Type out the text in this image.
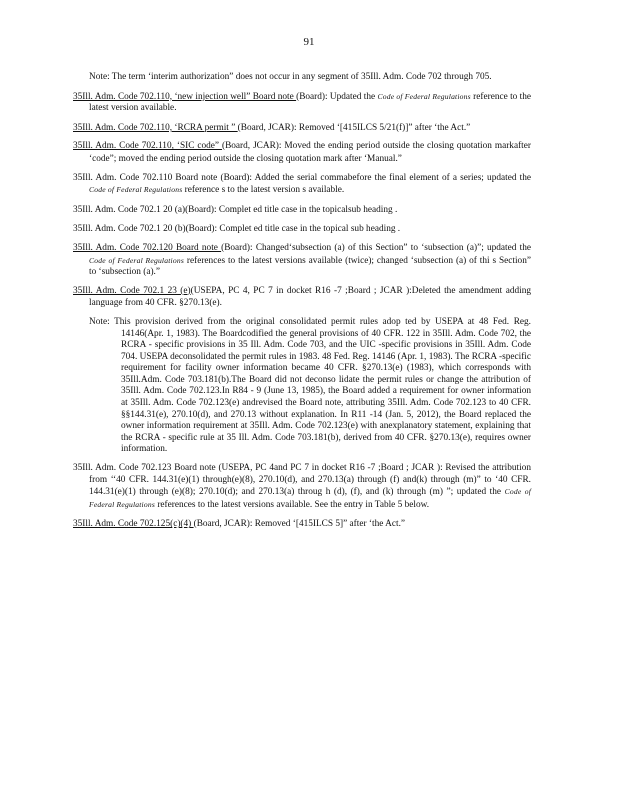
91

Note: The term ‘interim authorization” does not occur in any segment of 35Ill. Adm. Code 702 through 705.

35Ill. Adm. Code 702.110, ‘new injection well” Board note (Board): Updated the Code of Federal Regulations reference to the latest version available.

35Ill. Adm. Code 702.110, ‘RCRA permit ” (Board, JCAR): Removed ‘[415ILCS 5/21(f)]” after ‘the Act.”

35Ill. Adm. Code 702.110, ‘SIC code” (Board, JCAR): Moved the ending period outside the closing quotation markafter ‘code”; moved the ending period outside the closing quotation mark after ‘Manual.”

35Ill. Adm. Code 702.110 Board note (Board): Added the serial commabefore the final element of a series; updated the Code of Federal Regulations reference s to the latest version s available.

35Ill. Adm. Code 702.1 20 (a)(Board): Complet ed title case in the topicalsub heading .

35Ill. Adm. Code 702.1 20 (b)(Board): Complet ed title case in the topical sub heading .

35Ill. Adm. Code 702.120 Board note (Board): Changed‘subsection (a) of this Section” to ‘subsection (a)”; updated the Code of Federal Regulations references to the latest versions available (twice); changed ‘subsection (a) of thi s Section” to ‘subsection (a).”

35Ill. Adm. Code 702.1 23 (e)(USEPA, PC 4, PC 7 in docket R16 -7 ;Board ; JCAR ):Deleted the amendment adding language from 40 CFR. §270.13(e).

Note: This provision derived from the original consolidated permit rules adop ted by USEPA at 48 Fed. Reg. 14146(Apr. 1, 1983). The Boardcodified the general provisions of 40 CFR. 122 in 35Ill. Adm. Code 702, the RCRA - specific provisions in 35 Ill. Adm. Code 703, and the UIC -specific provisions in 35Ill. Adm. Code 704. USEPA deconsolidated the permit rules in 1983. 48 Fed. Reg. 14146 (Apr. 1, 1983). The RCRA -specific requirement for facility owner information became 40 CFR. §270.13(e) (1983), which corresponds with 35Ill.Adm. Code 703.181(b).The Board did not deconso lidate the permit rules or change the attribution of 35Ill. Adm. Code 702.123.In R84 - 9 (June 13, 1985), the Board added a requirement for owner information at 35Ill. Adm. Code 702.123(e) andrevised the Board note, attributing 35Ill. Adm. Code 702.123 to 40 CFR. §§144.31(e), 270.10(d), and 270.13 without explanation. In R11 -14 (Jan. 5, 2012), the Board replaced the owner information requirement at 35Ill. Adm. Code 702.123(e) with anexplanatory statement, explaining that the RCRA - specific rule at 35 Ill. Adm. Code 703.181(b), derived from 40 CFR. §270.13(e), requires owner information.

35Ill. Adm. Code 702.123 Board note (USEPA, PC 4and PC 7 in docket R16 -7 ;Board ; JCAR ): Revised the attribution from ‘‘40 CFR. 144.31(e)(1) through(e)(8), 270.10(d), and 270.13(a) through (f) and(k) through (m)” to ‘40 CFR. 144.31(e)(1) through (e)(8); 270.10(d); and 270.13(a) throug h (d), (f), and (k) through (m) ”; updated the Code of Federal Regulations references to the latest versions available. See the entry in Table 5 below.

35Ill. Adm. Code 702.125(c)(4) (Board, JCAR): Removed ‘[415ILCS 5]” after ‘the Act.”
